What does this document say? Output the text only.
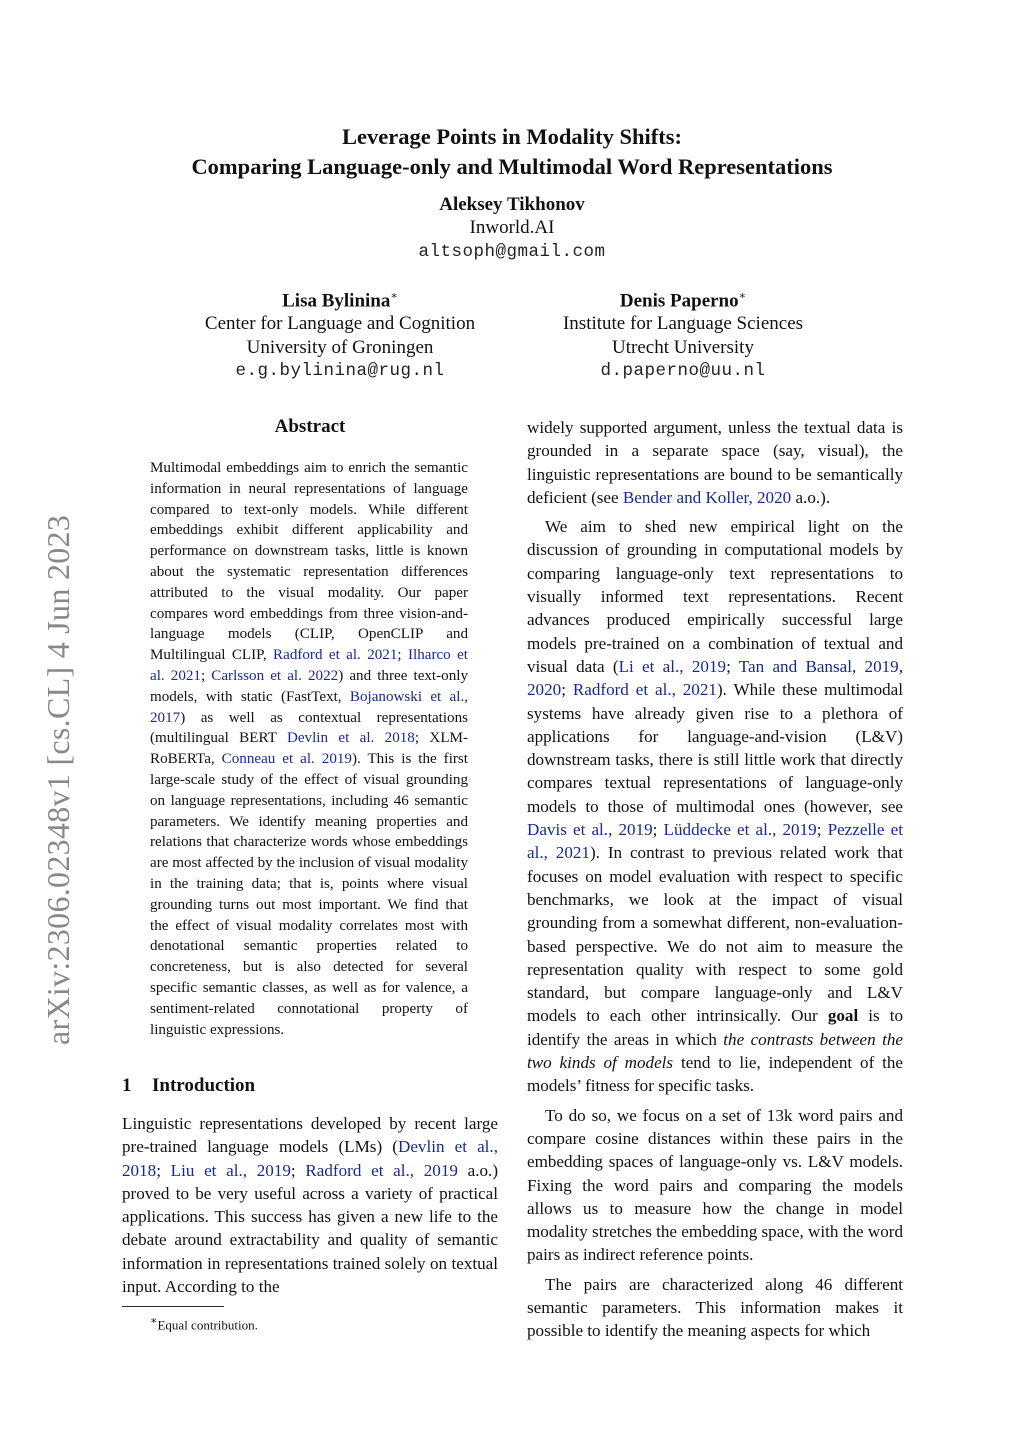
arXiv:2306.02348v1 [cs.CL] 4 Jun 2023
Leverage Points in Modality Shifts:
Comparing Language-only and Multimodal Word Representations
Aleksey Tikhonov
Inworld.AI
altsoph@gmail.com
Lisa Bylinina∗
Center for Language and Cognition
University of Groningen
e.g.bylinina@rug.nl
Denis Paperno∗
Institute for Language Sciences
Utrecht University
d.paperno@uu.nl
Abstract
Multimodal embeddings aim to enrich the semantic information in neural representations of language compared to text-only models. While different embeddings exhibit different applicability and performance on downstream tasks, little is known about the systematic representation differences attributed to the visual modality. Our paper compares word embeddings from three vision-and-language models (CLIP, OpenCLIP and Multilingual CLIP, Radford et al. 2021; Ilharco et al. 2021; Carlsson et al. 2022) and three text-only models, with static (FastText, Bojanowski et al., 2017) as well as contextual representations (multilingual BERT Devlin et al. 2018; XLM-RoBERTa, Conneau et al. 2019). This is the first large-scale study of the effect of visual grounding on language representations, including 46 semantic parameters. We identify meaning properties and relations that characterize words whose embeddings are most affected by the inclusion of visual modality in the training data; that is, points where visual grounding turns out most important. We find that the effect of visual modality correlates most with denotational semantic properties related to concreteness, but is also detected for several specific semantic classes, as well as for valence, a sentiment-related connotational property of linguistic expressions.
1 Introduction
Linguistic representations developed by recent large pre-trained language models (LMs) (Devlin et al., 2018; Liu et al., 2019; Radford et al., 2019 a.o.) proved to be very useful across a variety of practical applications. This success has given a new life to the debate around extractability and quality of semantic information in representations trained solely on textual input. According to the
∗Equal contribution.

widely supported argument, unless the textual data is grounded in a separate space (say, visual), the linguistic representations are bound to be semantically deficient (see Bender and Koller, 2020 a.o.).

We aim to shed new empirical light on the discussion of grounding in computational models by comparing language-only text representations to visually informed text representations. Recent advances produced empirically successful large models pre-trained on a combination of textual and visual data (Li et al., 2019; Tan and Bansal, 2019, 2020; Radford et al., 2021). While these multimodal systems have already given rise to a plethora of applications for language-and-vision (L&V) downstream tasks, there is still little work that directly compares textual representations of language-only models to those of multimodal ones (however, see Davis et al., 2019; Lüddecke et al., 2019; Pezzelle et al., 2021). In contrast to previous related work that focuses on model evaluation with respect to specific benchmarks, we look at the impact of visual grounding from a somewhat different, non-evaluation-based perspective. We do not aim to measure the representation quality with respect to some gold standard, but compare language-only and L&V models to each other intrinsically. Our goal is to identify the areas in which the contrasts between the two kinds of models tend to lie, independent of the models’ fitness for specific tasks.

To do so, we focus on a set of 13k word pairs and compare cosine distances within these pairs in the embedding spaces of language-only vs. L&V models. Fixing the word pairs and comparing the models allows us to measure how the change in model modality stretches the embedding space, with the word pairs as indirect reference points.

The pairs are characterized along 46 different semantic parameters. This information makes it possible to identify the meaning aspects for which
